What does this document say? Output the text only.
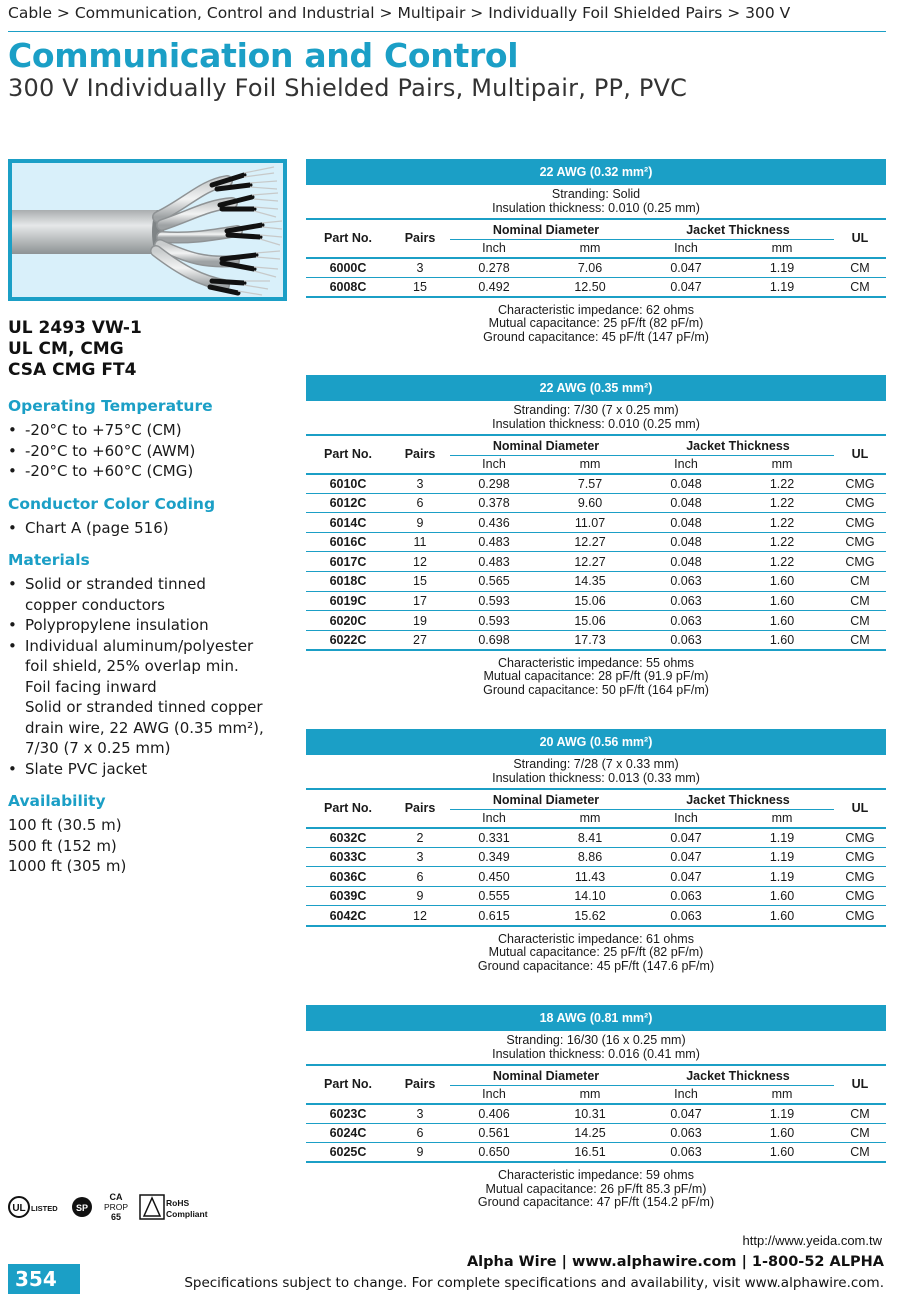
Cable > Communication, Control and Industrial > Multipair > Individually Foil Shielded Pairs > 300 V
Communication and Control
300 V Individually Foil Shielded Pairs, Multipair, PP, PVC
UL 2493 VW-1
UL CM, CMG
CSA CMG FT4
Operating Temperature
• -20°C to +75°C (CM)
• -20°C to +60°C (AWM)
• -20°C to +60°C (CMG)
Conductor Color Coding
• Chart A (page 516)
Materials
• Solid or stranded tinned
copper conductors
• Polypropylene insulation
• Individual aluminum/polyester
foil shield, 25% overlap min.
Foil facing inward
Solid or stranded tinned copper
drain wire, 22 AWG (0.35 mm²),
7/30 (7 x 0.25 mm)
• Slate PVC jacket
Availability
100 ft (30.5 m)
500 ft (152 m)
1000 ft (305 m)
22 AWG (0.32 mm²)
Stranding: Solid
Insulation thickness: 0.010 (0.25 mm)
Part No.	Pairs	Nominal Diameter		Jacket Thickness		UL
		Inch	mm	Inch	mm	
6000C	3	0.278	7.06	0.047	1.19	CM
6008C	15	0.492	12.50	0.047	1.19	CM
Characteristic impedance: 62 ohms
Mutual capacitance: 25 pF/ft (82 pF/m)
Ground capacitance: 45 pF/ft (147 pF/m)
22 AWG (0.35 mm²)
Stranding: 7/30 (7 x 0.25 mm)
Insulation thickness: 0.010 (0.25 mm)
Part No.	Pairs	Nominal Diameter		Jacket Thickness		UL
		Inch	mm	Inch	mm	
6010C	3	0.298	7.57	0.048	1.22	CMG
6012C	6	0.378	9.60	0.048	1.22	CMG
6014C	9	0.436	11.07	0.048	1.22	CMG
6016C	11	0.483	12.27	0.048	1.22	CMG
6017C	12	0.483	12.27	0.048	1.22	CMG
6018C	15	0.565	14.35	0.063	1.60	CM
6019C	17	0.593	15.06	0.063	1.60	CM
6020C	19	0.593	15.06	0.063	1.60	CM
6022C	27	0.698	17.73	0.063	1.60	CM
Characteristic impedance: 55 ohms
Mutual capacitance: 28 pF/ft (91.9 pF/m)
Ground capacitance: 50 pF/ft (164 pF/m)
20 AWG (0.56 mm²)
Stranding: 7/28 (7 x 0.33 mm)
Insulation thickness: 0.013 (0.33 mm)
Part No.	Pairs	Nominal Diameter		Jacket Thickness		UL
		Inch	mm	Inch	mm	
6032C	2	0.331	8.41	0.047	1.19	CMG
6033C	3	0.349	8.86	0.047	1.19	CMG
6036C	6	0.450	11.43	0.047	1.19	CMG
6039C	9	0.555	14.10	0.063	1.60	CMG
6042C	12	0.615	15.62	0.063	1.60	CMG
Characteristic impedance: 61 ohms
Mutual capacitance: 25 pF/ft (82 pF/m)
Ground capacitance: 45 pF/ft (147.6 pF/m)
18 AWG (0.81 mm²)
Stranding: 16/30 (16 x 0.25 mm)
Insulation thickness: 0.016 (0.41 mm)
Part No.	Pairs	Nominal Diameter		Jacket Thickness		UL
		Inch	mm	Inch	mm	
6023C	3	0.406	10.31	0.047	1.19	CM
6024C	6	0.561	14.25	0.063	1.60	CM
6025C	9	0.650	16.51	0.063	1.60	CM
Characteristic impedance: 59 ohms
Mutual capacitance: 26 pF/ft 85.3 pF/m)
Ground capacitance: 47 pF/ft (154.2 pF/m)
UL LISTED SP
CA
PROP
65
RoHS
Compliant
http://www.yeida.com.tw
Alpha Wire | www.alphawire.com | 1-800-52 ALPHA
Specifications subject to change. For complete specifications and availability, visit www.alphawire.com.
354
